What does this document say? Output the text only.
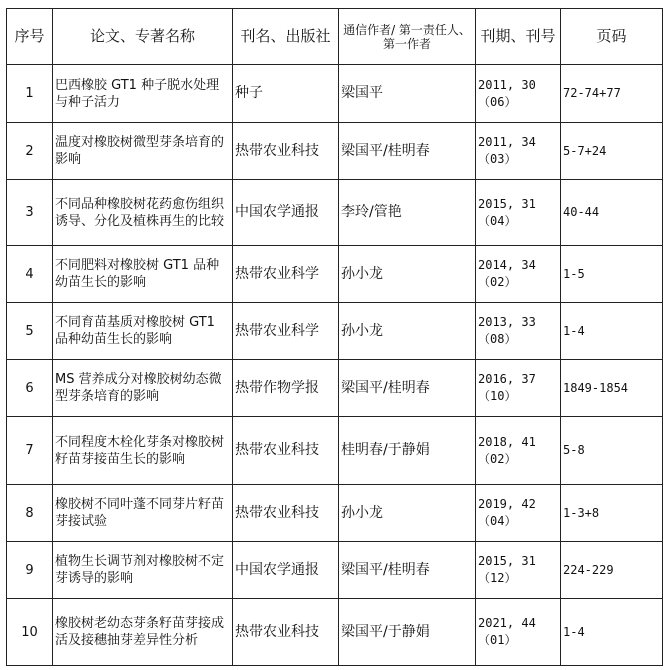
序号	论文、专著名称	刊名、出版社	通信作者/ 第一责任人、 第一作者	刊期、刊号	页码
1	巴西橡胶 GT1 种子脱水处理与种子活力	种子	梁国平	2011, 30（06）	72-74+77
2	温度对橡胶树微型芽条培育的影响	热带农业科技	梁国平/桂明春	2011, 34（03）	5-7+24
3	不同品种橡胶树花药愈伤组织诱导、分化及植株再生的比较	中国农学通报	李玲/管艳	2015, 31（04）	40-44
4	不同肥料对橡胶树 GT1 品种幼苗生长的影响	热带农业科学	孙小龙	2014, 34（02）	1-5
5	不同育苗基质对橡胶树 GT1 品种幼苗生长的影响	热带农业科学	孙小龙	2013, 33（08）	1-4
6	MS 营养成分对橡胶树幼态微型芽条培育的影响	热带作物学报	梁国平/桂明春	2016, 37（10）	1849-1854
7	不同程度木栓化芽条对橡胶树籽苗芽接苗生长的影响	热带农业科技	桂明春/于静娟	2018, 41（02）	5-8
8	橡胶树不同叶蓬不同芽片籽苗芽接试验	热带农业科技	孙小龙	2019, 42（04）	1-3+8
9	植物生长调节剂对橡胶树不定芽诱导的影响	中国农学通报	梁国平/桂明春	2015, 31（12）	224-229
10	橡胶树老幼态芽条籽苗芽接成活及接穗抽芽差异性分析	热带农业科技	梁国平/于静娟	2021, 44（01）	1-4
